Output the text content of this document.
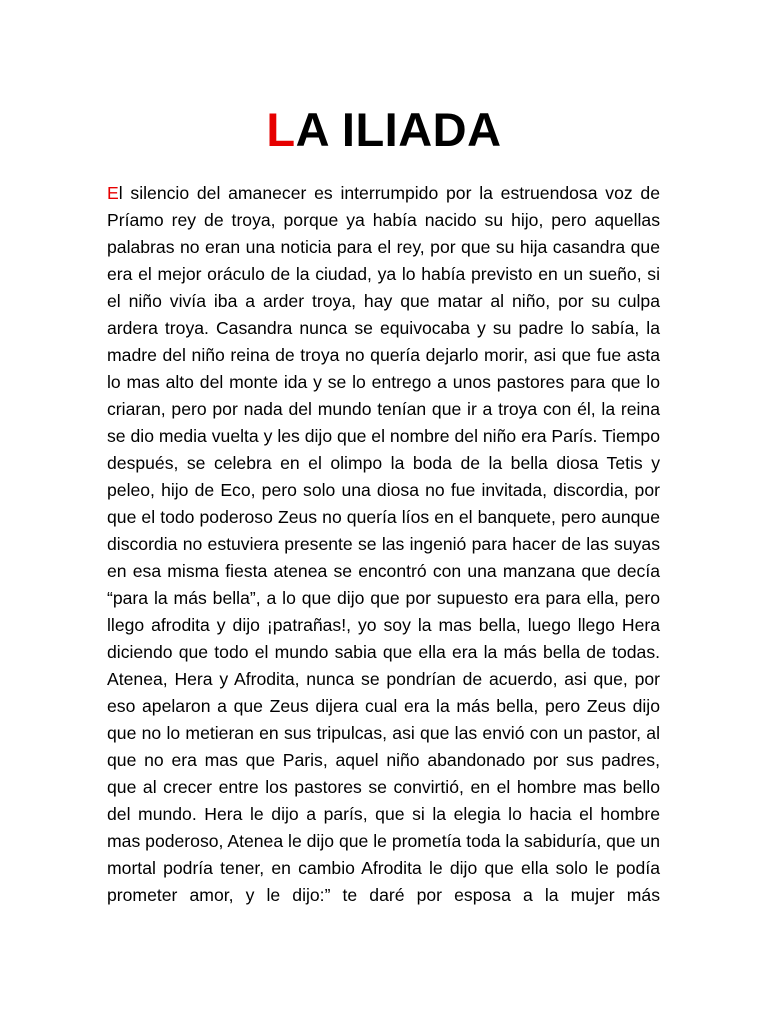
LA ILIADA

El silencio del amanecer es interrumpido por la estruendosa voz de Príamo rey de troya, porque ya había nacido su hijo, pero aquellas palabras no eran una noticia para el rey, por que su hija casandra que era el mejor oráculo de la ciudad, ya lo había previsto en un sueño, si el niño vivía iba a arder troya, hay que matar al niño, por su culpa ardera troya. Casandra nunca se equivocaba y su padre lo sabía, la madre del niño reina de troya no quería dejarlo morir, asi que fue asta lo mas alto del monte ida y se lo entrego a unos pastores para que lo criaran, pero por nada del mundo tenían que ir a troya con él, la reina se dio media vuelta y les dijo que el nombre del niño era París. Tiempo después, se celebra en el olimpo la boda de la bella diosa Tetis y peleo, hijo de Eco, pero solo una diosa no fue invitada, discordia, por que el todo poderoso Zeus no quería líos en el banquete, pero aunque discordia no estuviera presente se las ingenió para hacer de las suyas en esa misma fiesta atenea se encontró con una manzana que decía “para la más bella”, a lo que dijo que por supuesto era para ella, pero llego afrodita y dijo ¡patrañas!, yo soy la mas bella, luego llego Hera diciendo que todo el mundo sabia que ella era la más bella de todas. Atenea, Hera y Afrodita, nunca se pondrían de acuerdo, asi que, por eso apelaron a que Zeus dijera cual era la más bella, pero Zeus dijo que no lo metieran en sus tripulcas, asi que las envió con un pastor, al que no era mas que Paris, aquel niño abandonado por sus padres, que al crecer entre los pastores se convirtió, en el hombre mas bello del mundo. Hera le dijo a parís, que si la elegia lo hacia el hombre mas poderoso, Atenea le dijo que le prometía toda la sabiduría, que un mortal podría tener, en cambio Afrodita le dijo que ella solo le podía prometer amor, y le dijo:” te daré por esposa a la mujer más
